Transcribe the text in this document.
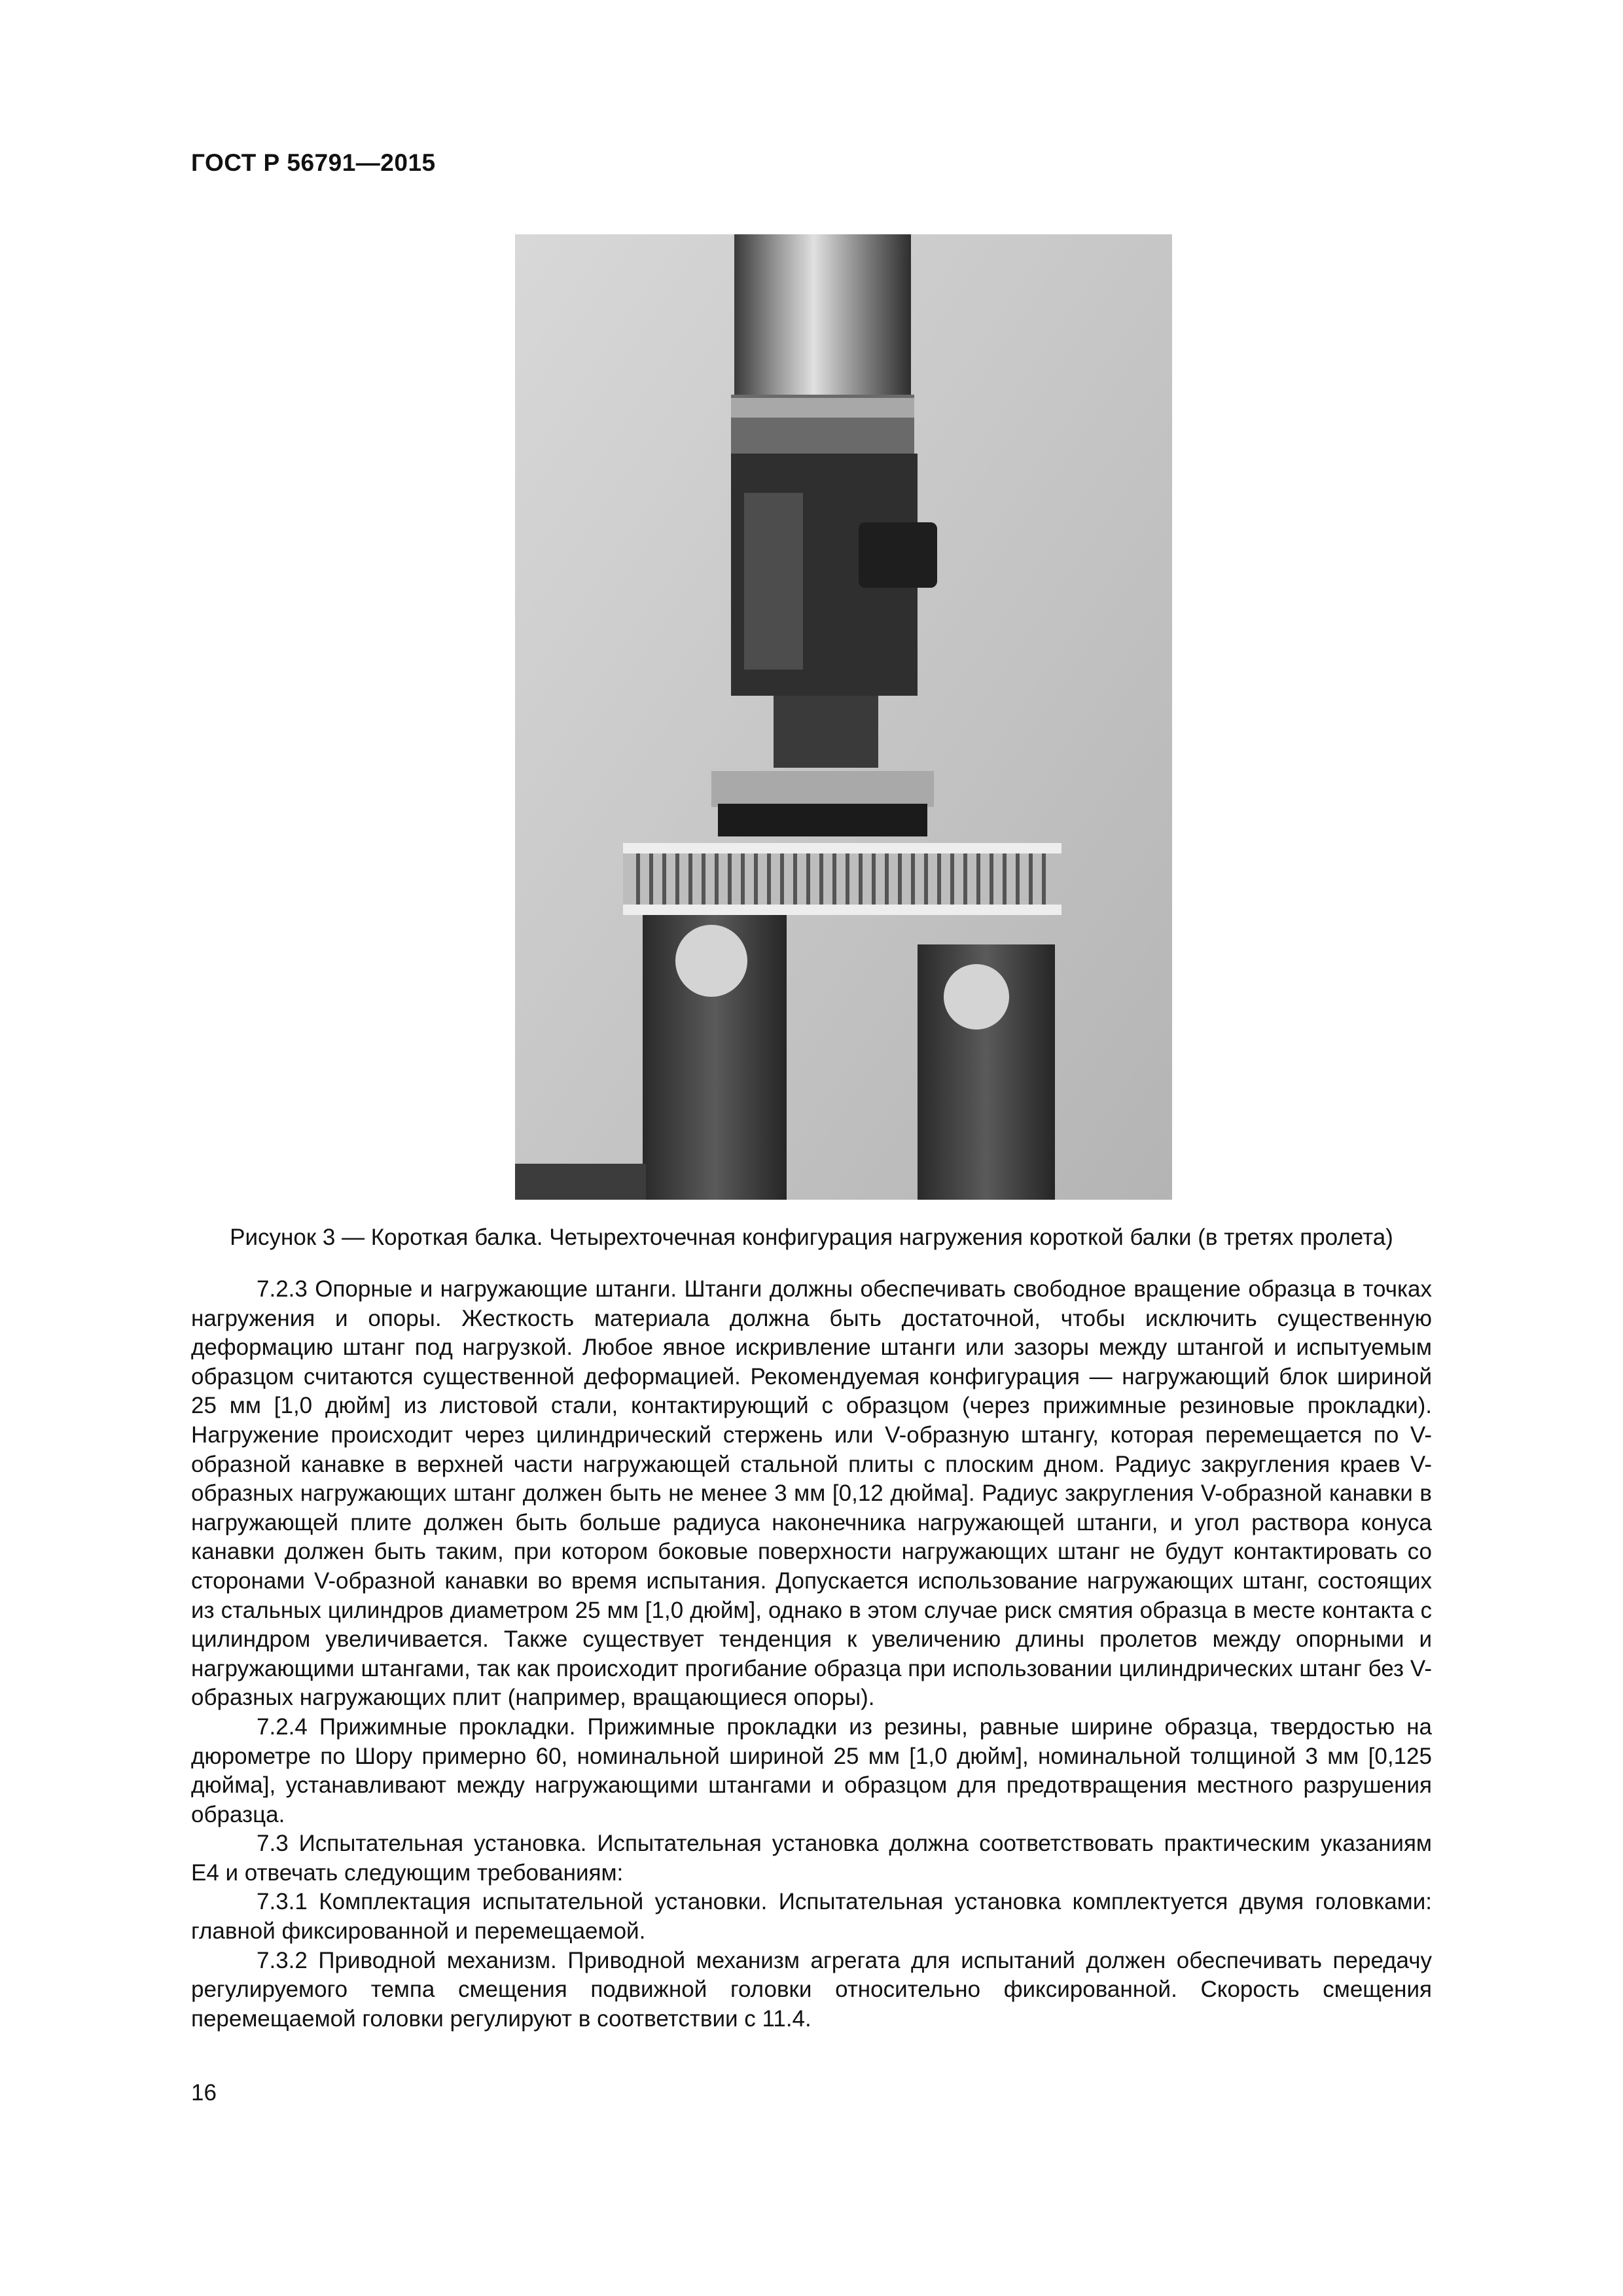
ГОСТ Р 56791—2015
Рисунок 3 — Короткая балка. Четырехточечная конфигурация нагружения короткой балки (в третях пролета)

7.2.3 Опорные и нагружающие штанги. Штанги должны обеспечивать свободное вращение образца в точках нагружения и опоры. Жесткость материала должна быть достаточной, чтобы исключить существенную деформацию штанг под нагрузкой. Любое явное искривление штанги или зазоры между штангой и испытуемым образцом считаются существенной деформацией. Рекомендуемая конфигурация — нагружающий блок шириной 25 мм [1,0 дюйм] из листовой стали, контактирующий с образцом (через прижимные резиновые прокладки). Нагружение происходит через цилиндрический стержень или V-образную штангу, которая перемещается по V-образной канавке в верхней части нагружающей стальной плиты с плоским дном. Радиус закругления краев V-образных нагружающих штанг должен быть не менее 3 мм [0,12 дюйма]. Радиус закругления V-образной канавки в нагружающей плите должен быть больше радиуса наконечника нагружающей штанги, и угол раствора конуса канавки должен быть таким, при котором боковые поверхности нагружающих штанг не будут контактировать со сторонами V-образной канавки во время испытания. Допускается использование нагружающих штанг, состоящих из стальных цилиндров диаметром 25 мм [1,0 дюйм], однако в этом случае риск смятия образца в месте контакта с цилиндром увеличивается. Также существует тенденция к увеличению длины пролетов между опорными и нагружающими штангами, так как происходит прогибание образца при использовании цилиндрических штанг без V-образных нагружающих плит (например, вращающиеся опоры).

7.2.4 Прижимные прокладки. Прижимные прокладки из резины, равные ширине образца, твердостью на дюрометре по Шору примерно 60, номинальной шириной 25 мм [1,0 дюйм], номинальной толщиной 3 мм [0,125 дюйма], устанавливают между нагружающими штангами и образцом для предотвращения местного разрушения образца.

7.3 Испытательная установка. Испытательная установка должна соответствовать практическим указаниям Е4 и отвечать следующим требованиям:

7.3.1 Комплектация испытательной установки. Испытательная установка комплектуется двумя головками: главной фиксированной и перемещаемой.

7.3.2 Приводной механизм. Приводной механизм агрегата для испытаний должен обеспечивать передачу регулируемого темпа смещения подвижной головки относительно фиксированной. Скорость смещения перемещаемой головки регулируют в соответствии с 11.4.

16
